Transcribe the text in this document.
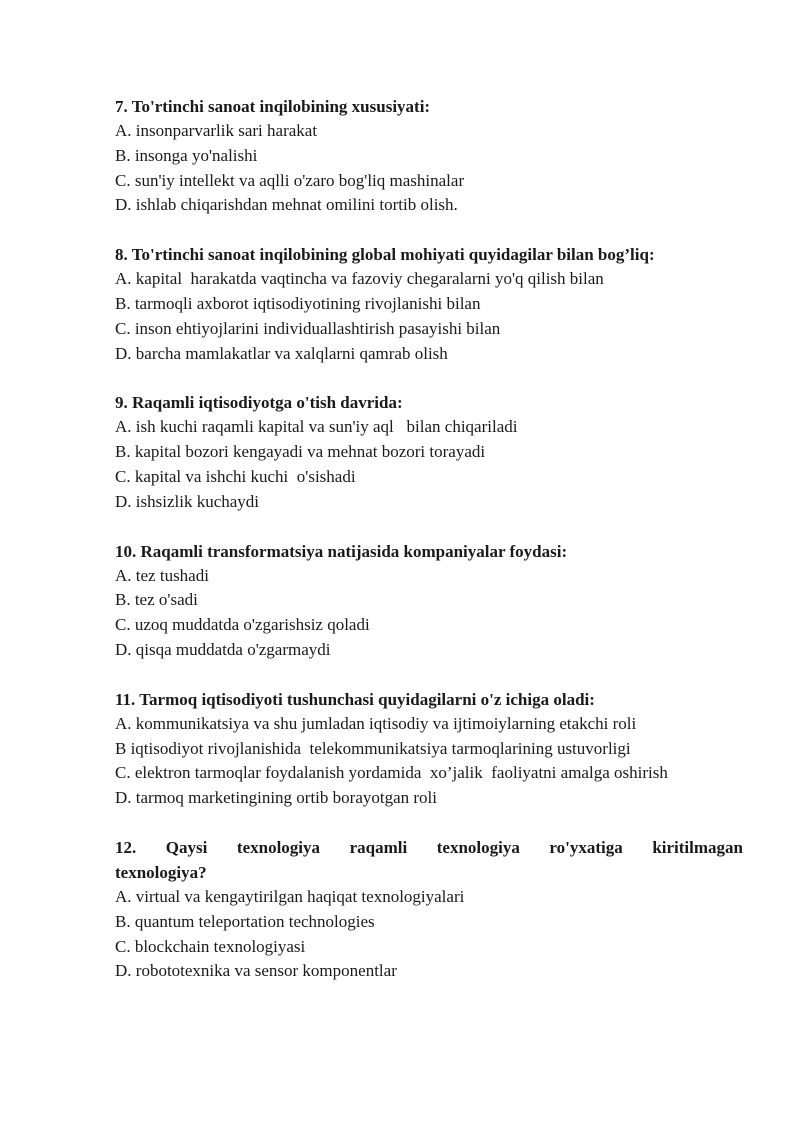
7. To'rtinchi sanoat inqilobining xususiyati:

A. insonparvarlik sari harakat

B. insonga yo'nalishi

C. sun'iy intellekt va aqlli o'zaro bog'liq mashinalar

D. ishlab chiqarishdan mehnat omilini tortib olish.

8. To'rtinchi sanoat inqilobining global mohiyati quyidagilar bilan bog’liq:

A. kapital  harakatda vaqtincha va fazoviy chegaralarni yo'q qilish bilan

B. tarmoqli axborot iqtisodiyotining rivojlanishi bilan

C. inson ehtiyojlarini individuallashtirish pasayishi bilan

D. barcha mamlakatlar va xalqlarni qamrab olish

9. Raqamli iqtisodiyotga o'tish davrida:

A. ish kuchi raqamli kapital va sun'iy aql   bilan chiqariladi

B. kapital bozori kengayadi va mehnat bozori torayadi

C. kapital va ishchi kuchi  o'sishadi

D. ishsizlik kuchaydi

10. Raqamli transformatsiya natijasida kompaniyalar foydasi:

A. tez tushadi

B. tez o'sadi

C. uzoq muddatda o'zgarishsiz qoladi

D. qisqa muddatda o'zgarmaydi

11. Tarmoq iqtisodiyoti tushunchasi quyidagilarni o'z ichiga oladi:

A. kommunikatsiya va shu jumladan iqtisodiy va ijtimoiylarning etakchi roli

B iqtisodiyot rivojlanishida  telekommunikatsiya tarmoqlarining ustuvorligi

C. elektron tarmoqlar foydalanish yordamida  xo’jalik  faoliyatni amalga oshirish

D. tarmoq marketingining ortib borayotgan roli

12. Qaysi texnologiya raqamli texnologiya ro'yxatiga kiritilmagan

texnologiya?

A. virtual va kengaytirilgan haqiqat texnologiyalari

B. quantum teleportation technologies

C. blockchain texnologiyasi

D. robototexnika va sensor komponentlar
